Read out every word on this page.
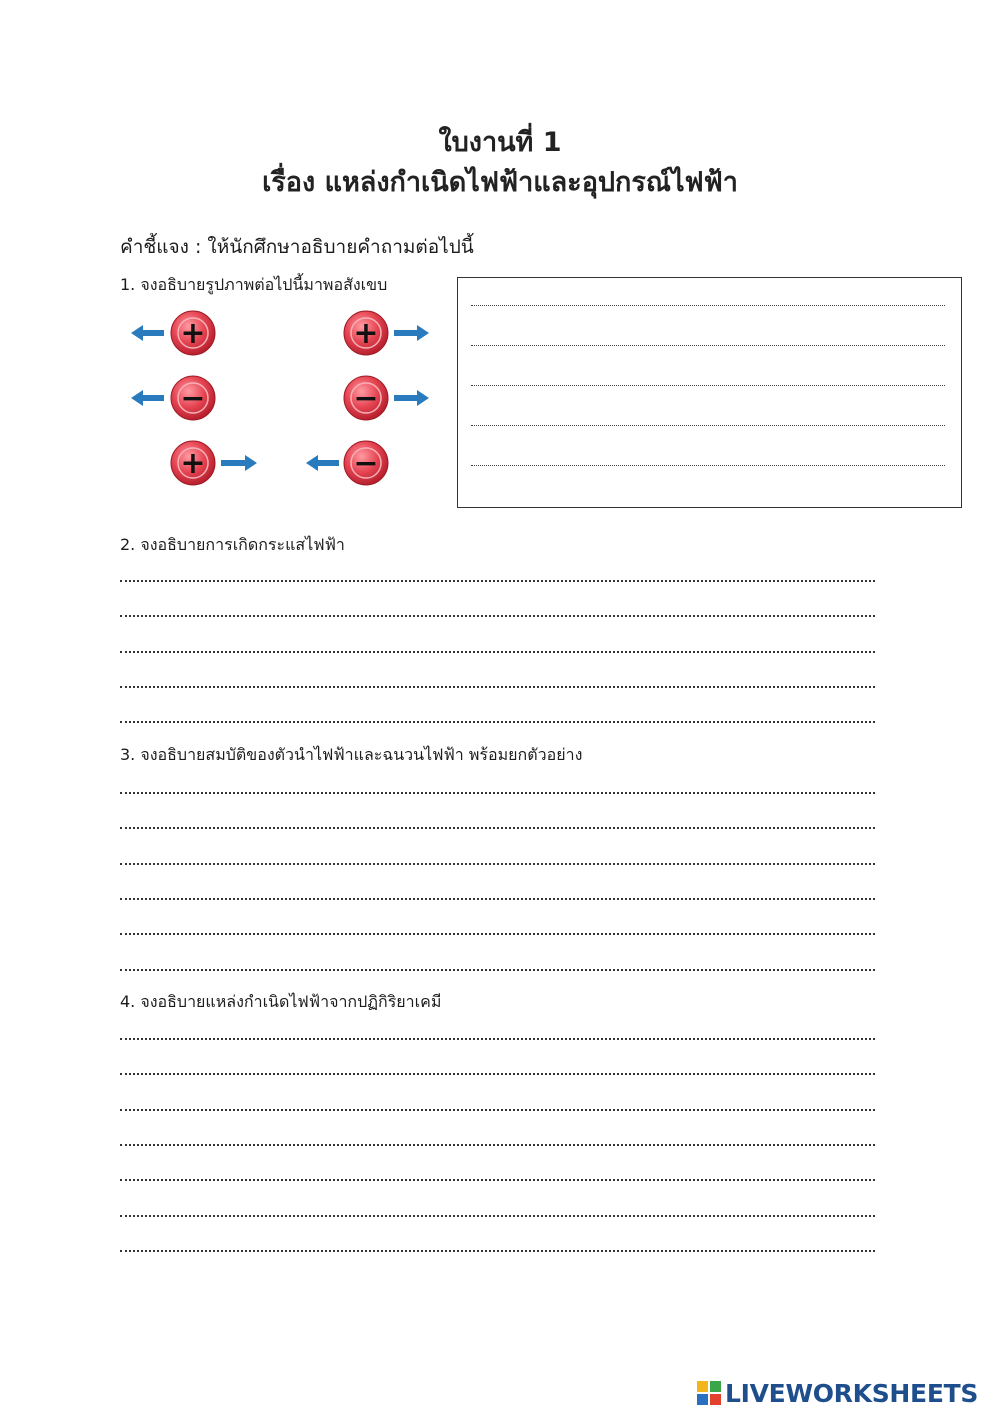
ใบงานที่ 1
เรื่อง แหล่งกำเนิดไฟฟ้าและอุปกรณ์ไฟฟ้า
คำชี้แจง : ให้นักศึกษาอธิบายคำถามต่อไปนี้
1. จงอธิบายรูปภาพต่อไปนี้มาพอสังเขบ
+	+
−	−
+	−
2. จงอธิบายการเกิดกระแสไฟฟ้า
3. จงอธิบายสมบัติของตัวนำไฟฟ้าและฉนวนไฟฟ้า พร้อมยกตัวอย่าง
4. จงอธิบายแหล่งกำเนิดไฟฟ้าจากปฏิกิริยาเคมี
LIVEWORKSHEETS
